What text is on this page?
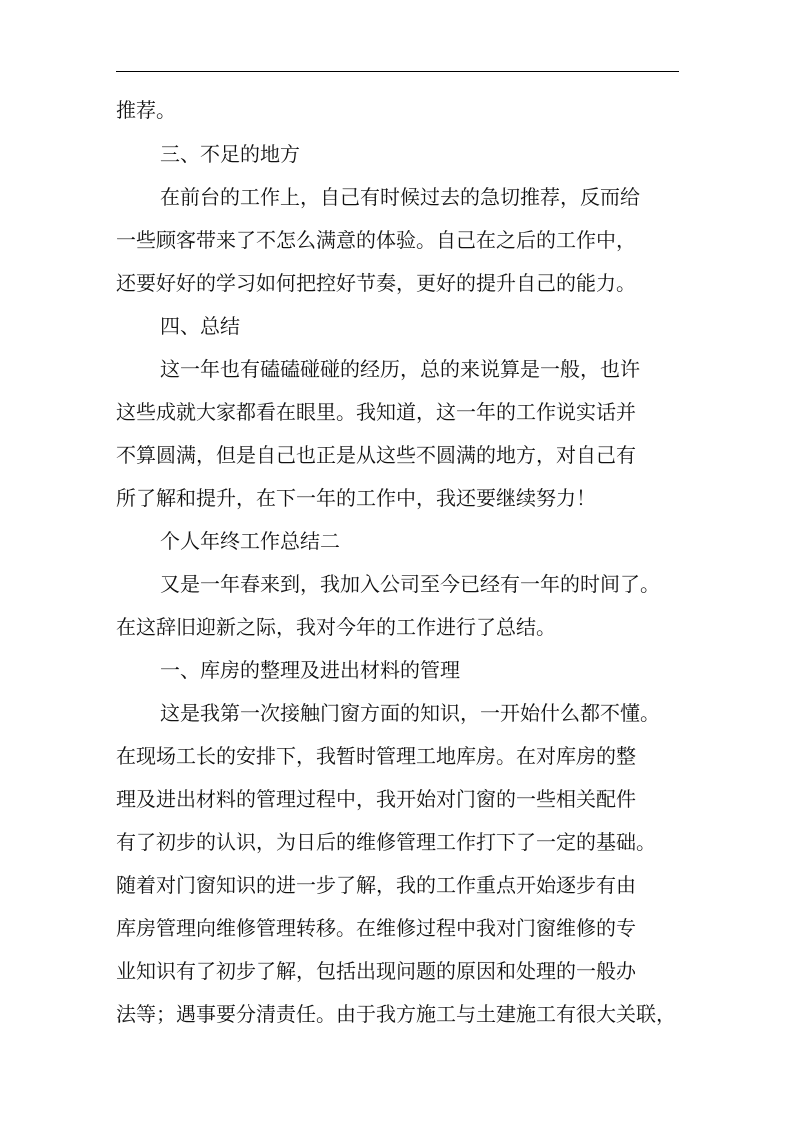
推荐。
三、不足的地方
在前台的工作上，自己有时候过去的急切推荐，反而给
一些顾客带来了不怎么满意的体验。自己在之后的工作中，
还要好好的学习如何把控好节奏，更好的提升自己的能力。
四、总结
这一年也有磕磕碰碰的经历，总的来说算是一般，也许
这些成就大家都看在眼里。我知道，这一年的工作说实话并
不算圆满，但是自己也正是从这些不圆满的地方，对自己有
所了解和提升，在下一年的工作中，我还要继续努力！
个人年终工作总结二
又是一年春来到，我加入公司至今已经有一年的时间了。
在这辞旧迎新之际，我对今年的工作进行了总结。
一、库房的整理及进出材料的管理
这是我第一次接触门窗方面的知识，一开始什么都不懂。
在现场工长的安排下，我暂时管理工地库房。在对库房的整
理及进出材料的管理过程中，我开始对门窗的一些相关配件
有了初步的认识，为日后的维修管理工作打下了一定的基础。
随着对门窗知识的进一步了解，我的工作重点开始逐步有由
库房管理向维修管理转移。在维修过程中我对门窗维修的专
业知识有了初步了解，包括出现问题的原因和处理的一般办
法等；遇事要分清责任。由于我方施工与土建施工有很大关联，
